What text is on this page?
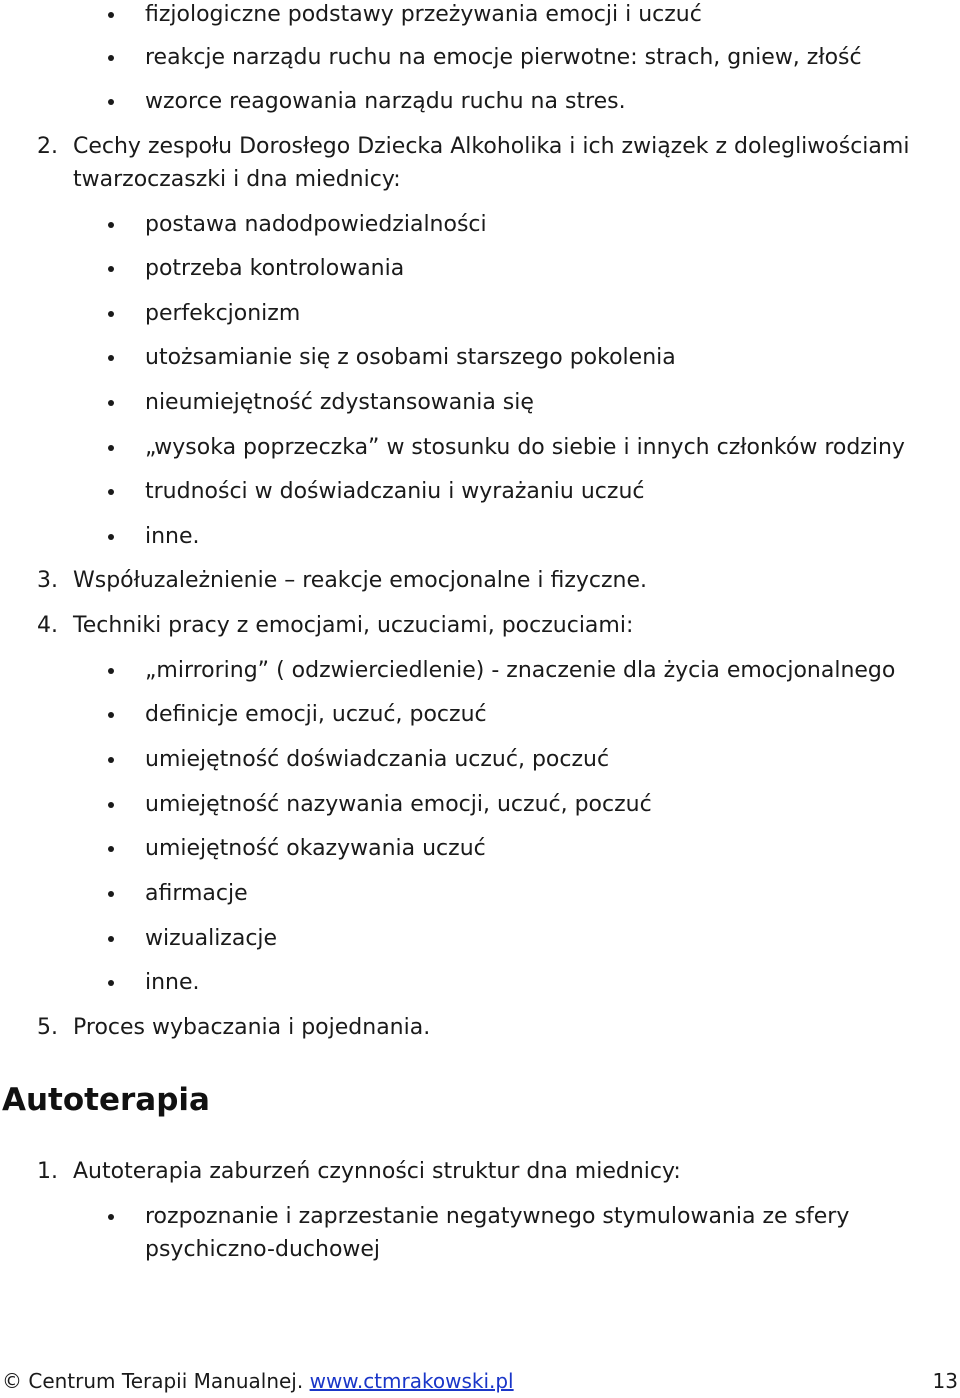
fizjologiczne podstawy przeżywania emocji i uczuć
reakcje narządu ruchu na emocje pierwotne: strach, gniew, złość
wzorce reagowania narządu ruchu na stres.
2. Cechy zespołu Dorosłego Dziecka Alkoholika i ich związek z dolegliwościami
twarzoczaszki i dna miednicy:
postawa nadodpowiedzialności
potrzeba kontrolowania
perfekcjonizm
utożsamianie się z osobami starszego pokolenia
nieumiejętność zdystansowania się
„wysoka poprzeczka” w stosunku do siebie i innych członków rodziny
trudności w doświadczaniu i wyrażaniu uczuć
inne.
3. Współuzależnienie – reakcje emocjonalne i fizyczne.
4. Techniki pracy z emocjami, uczuciami, poczuciami:
„mirroring” ( odzwierciedlenie) - znaczenie dla życia emocjonalnego
definicje emocji, uczuć, poczuć
umiejętność doświadczania uczuć, poczuć
umiejętność nazywania emocji, uczuć, poczuć
umiejętność okazywania uczuć
afirmacje
wizualizacje
inne.
5. Proces wybaczania i pojednania.
Autoterapia
1. Autoterapia zaburzeń czynności struktur dna miednicy:
rozpoznanie i zaprzestanie negatywnego stymulowania ze sfery
psychiczno-duchowej
© Centrum Terapii Manualnej. www.ctmrakowski.pl	13
